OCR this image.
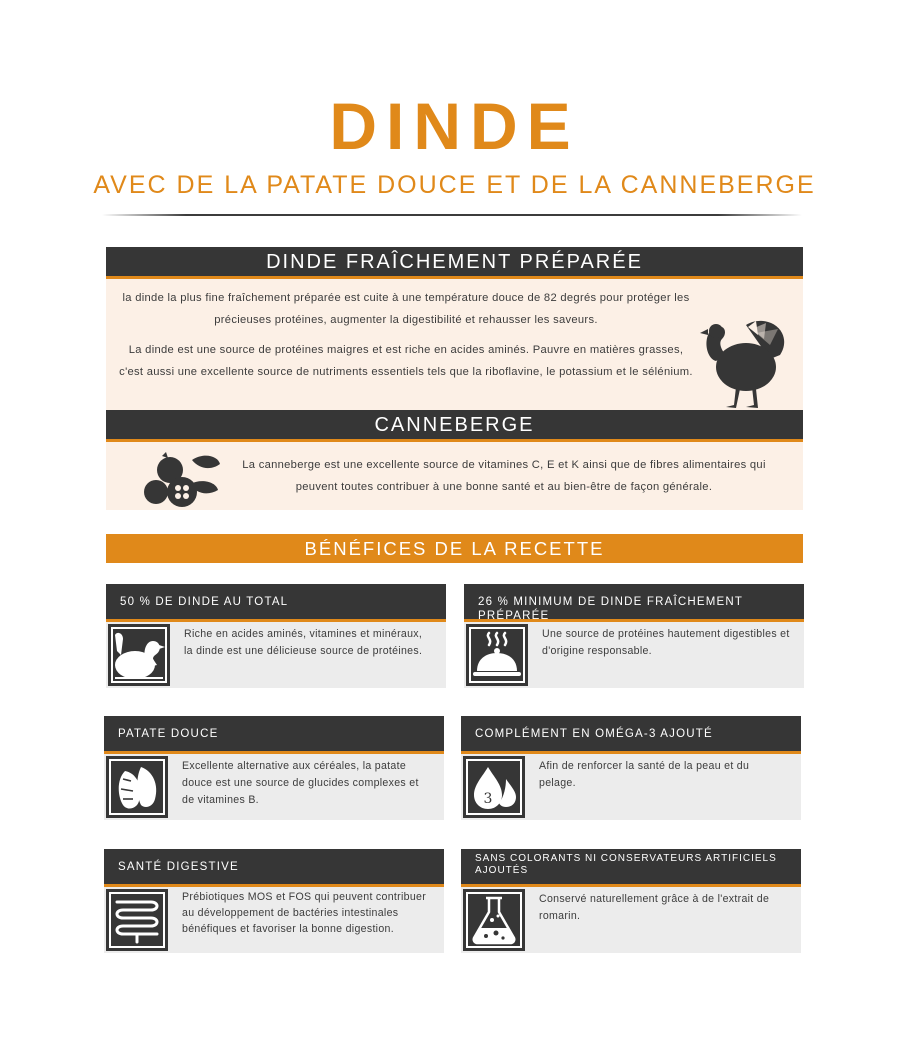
DINDE
AVEC DE LA PATATE DOUCE ET DE LA CANNEBERGE
DINDE FRAÎCHEMENT PRÉPARÉE
la dinde la plus fine fraîchement préparée est cuite à une température douce de 82 degrés pour protéger les précieuses protéines, augmenter la digestibilité et rehausser les saveurs.
La dinde est une source de protéines maigres et est riche en acides aminés. Pauvre en matières grasses, c'est aussi une excellente source de nutriments essentiels tels que la riboflavine, le potassium et le sélénium.
CANNEBERGE
La canneberge est une excellente source de vitamines C, E et K ainsi que de fibres alimentaires qui peuvent toutes contribuer à une bonne santé et au bien-être de façon générale.
BÉNÉFICES DE LA RECETTE
50 % DE DINDE AU TOTAL
Riche en acides aminés, vitamines et minéraux, la dinde est une délicieuse source de protéines.
26 % MINIMUM DE DINDE FRAÎCHEMENT PRÉPARÉE
Une source de protéines hautement digestibles et d'origine responsable.
PATATE DOUCE
Excellente alternative aux céréales, la patate douce est une source de glucides complexes et de vitamines B.
COMPLÉMENT EN OMÉGA-3 AJOUTÉ
3
Afin de renforcer la santé de la peau et du pelage.
SANTÉ DIGESTIVE
Prébiotiques MOS et FOS qui peuvent contribuer au développement de bactéries intestinales bénéfiques et favoriser la bonne digestion.
SANS COLORANTS NI CONSERVATEURS ARTIFICIELS AJOUTÉS
Conservé naturellement grâce à de l'extrait de romarin.
